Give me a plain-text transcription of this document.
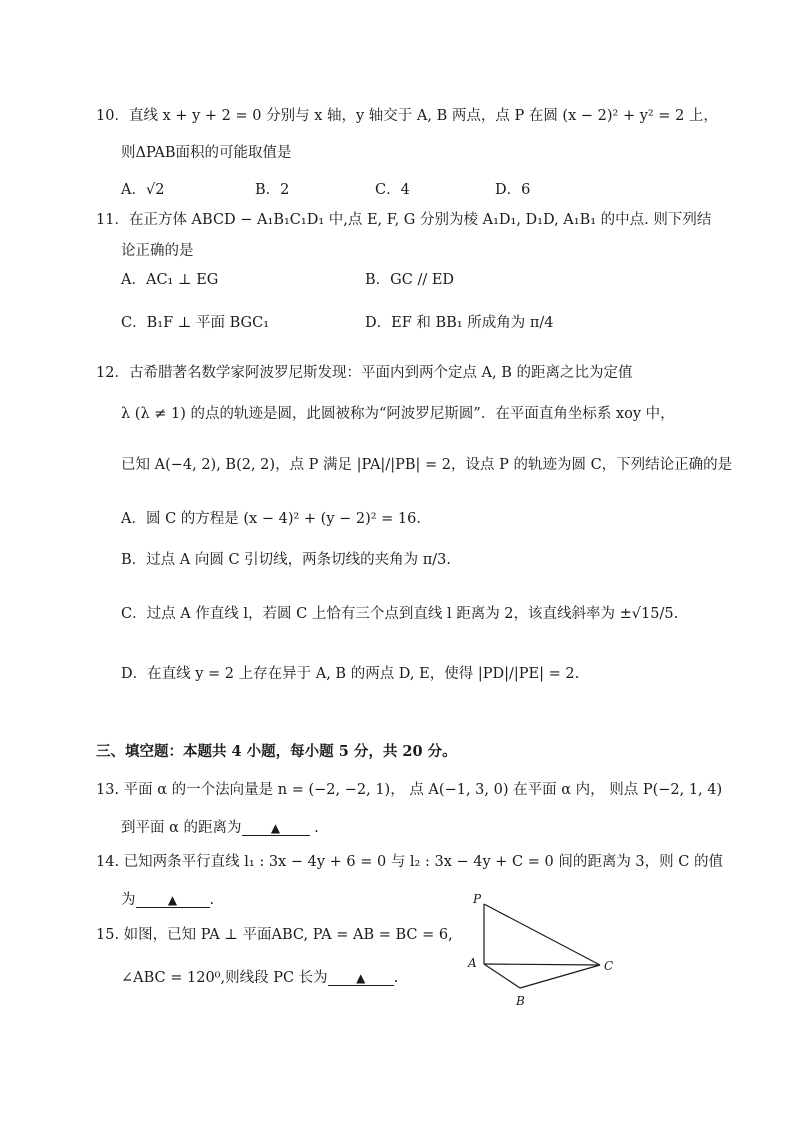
10．直线 x + y + 2 = 0 分别与 x 轴，y 轴交于 A, B 两点，点 P 在圆 (x − 2)² + y² = 2 上，
则ΔPAB面积的可能取值是
A．√2	B．2	C．4	D．6
11．在正方体 ABCD − A₁B₁C₁D₁ 中,点 E, F, G 分别为棱 A₁D₁, D₁D, A₁B₁ 的中点. 则下列结
论正确的是
A．AC₁ ⊥ EG	B．GC // ED
C．B₁F ⊥ 平面 BGC₁	D．EF 和 BB₁ 所成角为 π/4
12．古希腊著名数学家阿波罗尼斯发现：平面内到两个定点 A, B 的距离之比为定值
λ (λ ≠ 1) 的点的轨迹是圆，此圆被称为“阿波罗尼斯圆”．在平面直角坐标系 xoy 中，
已知 A(−4, 2), B(2, 2)，点 P 满足 |PA|/|PB| = 2，设点 P 的轨迹为圆 C，下列结论正确的是
A．圆 C 的方程是 (x − 4)² + (y − 2)² = 16.
B．过点 A 向圆 C 引切线，两条切线的夹角为 π/3.
C．过点 A 作直线 l，若圆 C 上恰有三个点到直线 l 距离为 2，该直线斜率为 ±√15/5.
D．在直线 y = 2 上存在异于 A, B 的两点 D, E，使得 |PD|/|PE| = 2.
三、填空题：本题共 4 小题，每小题 5 分，共 20 分。
13. 平面 α 的一个法向量是 n = (−2, −2, 1)， 点 A(−1, 3, 0) 在平面 α 内， 则点 P(−2, 1, 4)
到平面 α 的距离为 ▲ .
14. 已知两条平行直线 l₁ : 3x − 4y + 6 = 0 与 l₂ : 3x − 4y + C = 0 间的距离为 3，则 C 的值
为	▲ .
15. 如图，已知 PA ⊥ 平面ABC, PA = AB = BC = 6,
∠ABC = 120⁰,则线段 PC 长为 ▲ .
P
A
B
C
